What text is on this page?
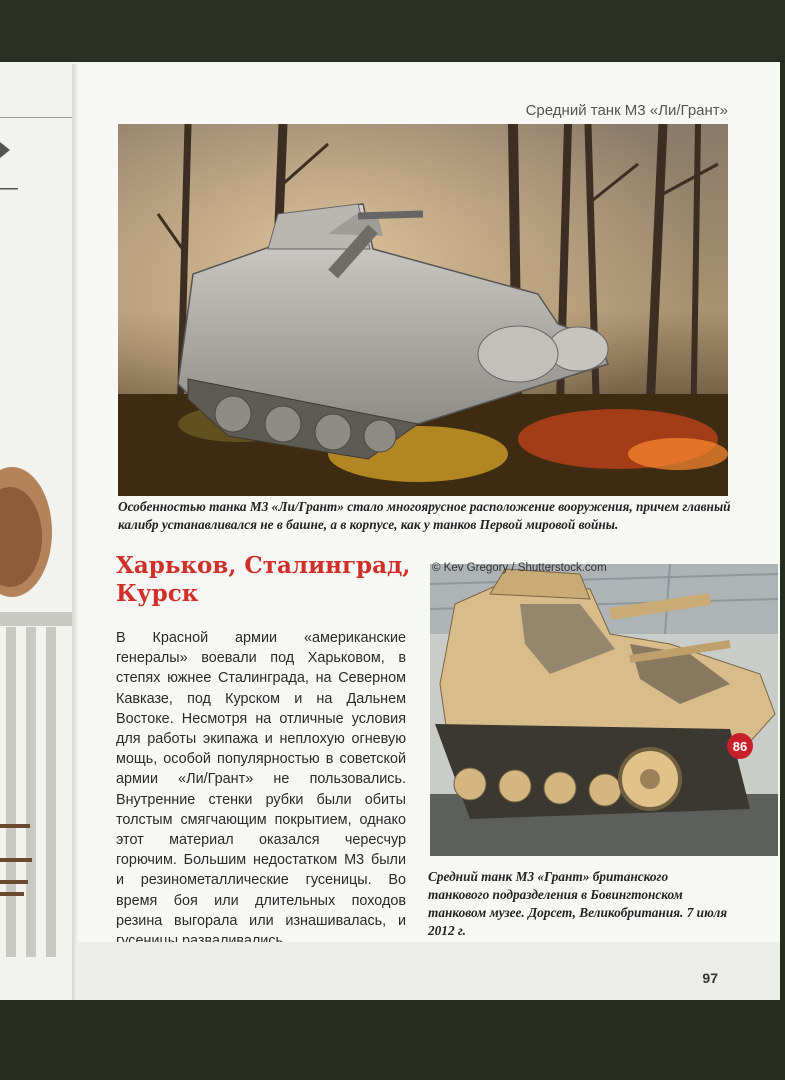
Средний танк М3 «Ли/Грант»
Особенностью танка М3 «Ли/Грант» стало многоярусное расположение вооружения, причем главный калибр устанавливался не в башне, а в корпусе, как у танков Первой мировой войны.
Харьков, Сталинград, Курск
В Красной армии «американские генералы» воевали под Харьковом, в степях южнее Сталинграда, на Северном Кавказе, под Курском и на Дальнем Востоке. Несмотря на отличные условия для работы экипажа и неплохую огневую мощь, особой популярностью в советской армии «Ли/Грант» не пользовались. Внутренние стенки рубки были обиты толстым смягчающим покрытием, однако этот материал оказался чересчур горючим. Большим недостатком М3 были и резинометаллические гусеницы. Во время боя или длительных походов резина выгорала или изнашивалась, и
86
© Kev Gregory / Shutterstock.com
Средний танк М3 «Грант» британского танкового подразделения в Бовингтонском танковом музее. Дорсет, Великобритания. 7 июля 2012 г.
97
